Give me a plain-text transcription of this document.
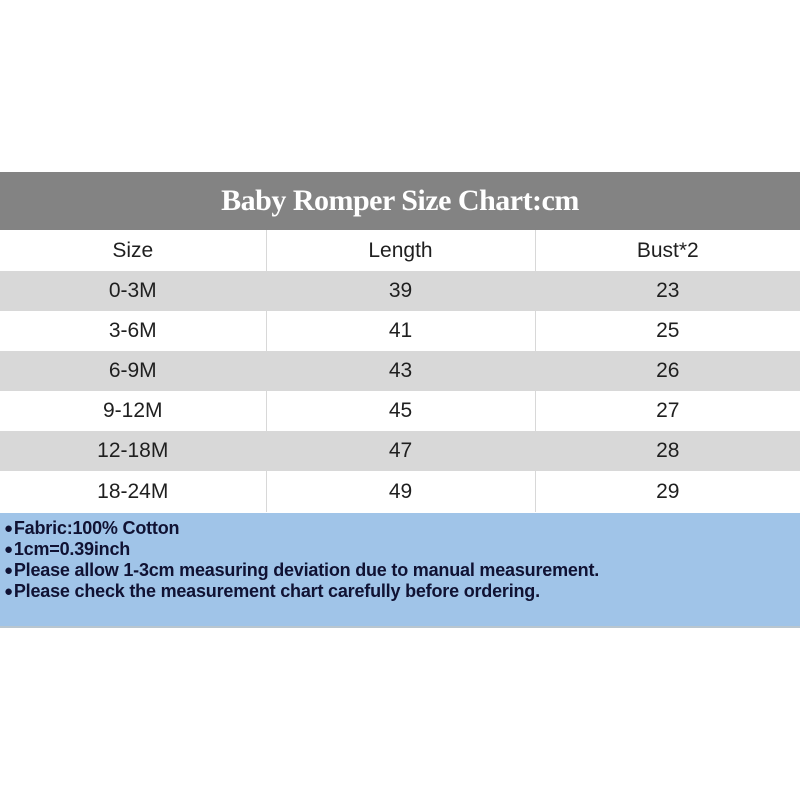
Baby Romper Size Chart:cm
Size	Length	Bust*2
0-3M	39	23
3-6M	41	25
6-9M	43	26
9-12M	45	27
12-18M	47	28
18-24M	49	29
●Fabric:100% Cotton
●1cm=0.39inch
●Please allow 1-3cm measuring deviation due to manual measurement.
●Please check the measurement chart carefully before ordering.
